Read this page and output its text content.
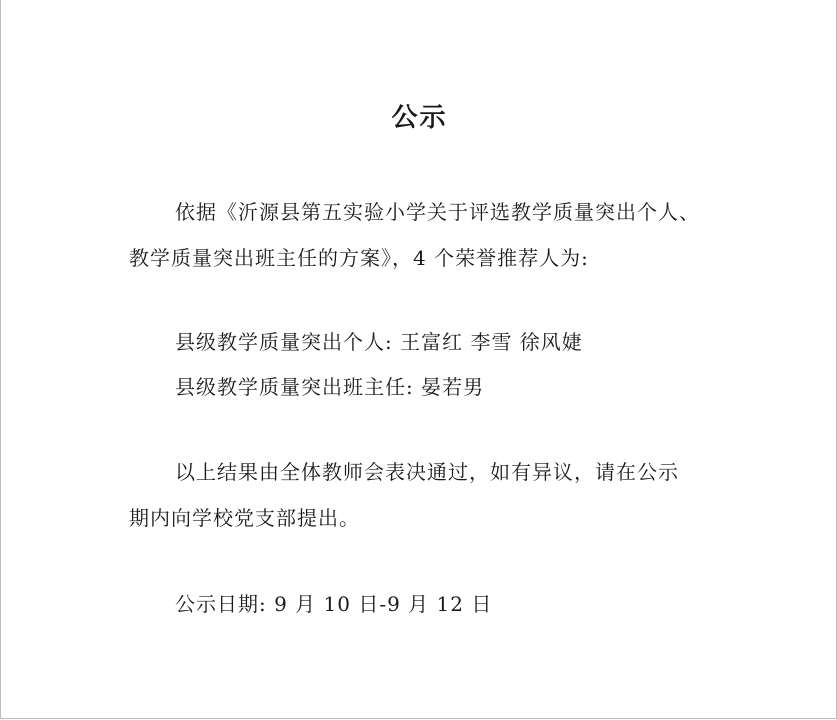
公示
依据《沂源县第五实验小学关于评选教学质量突出个人、
教学质量突出班主任的方案》，4 个荣誉推荐人为:
县级教学质量突出个人: 王富红 李雪 徐风婕
县级教学质量突出班主任: 晏若男
以上结果由全体教师会表决通过，如有异议，请在公示
期内向学校党支部提出。
公示日期: 9 月 10 日-9 月 12 日
